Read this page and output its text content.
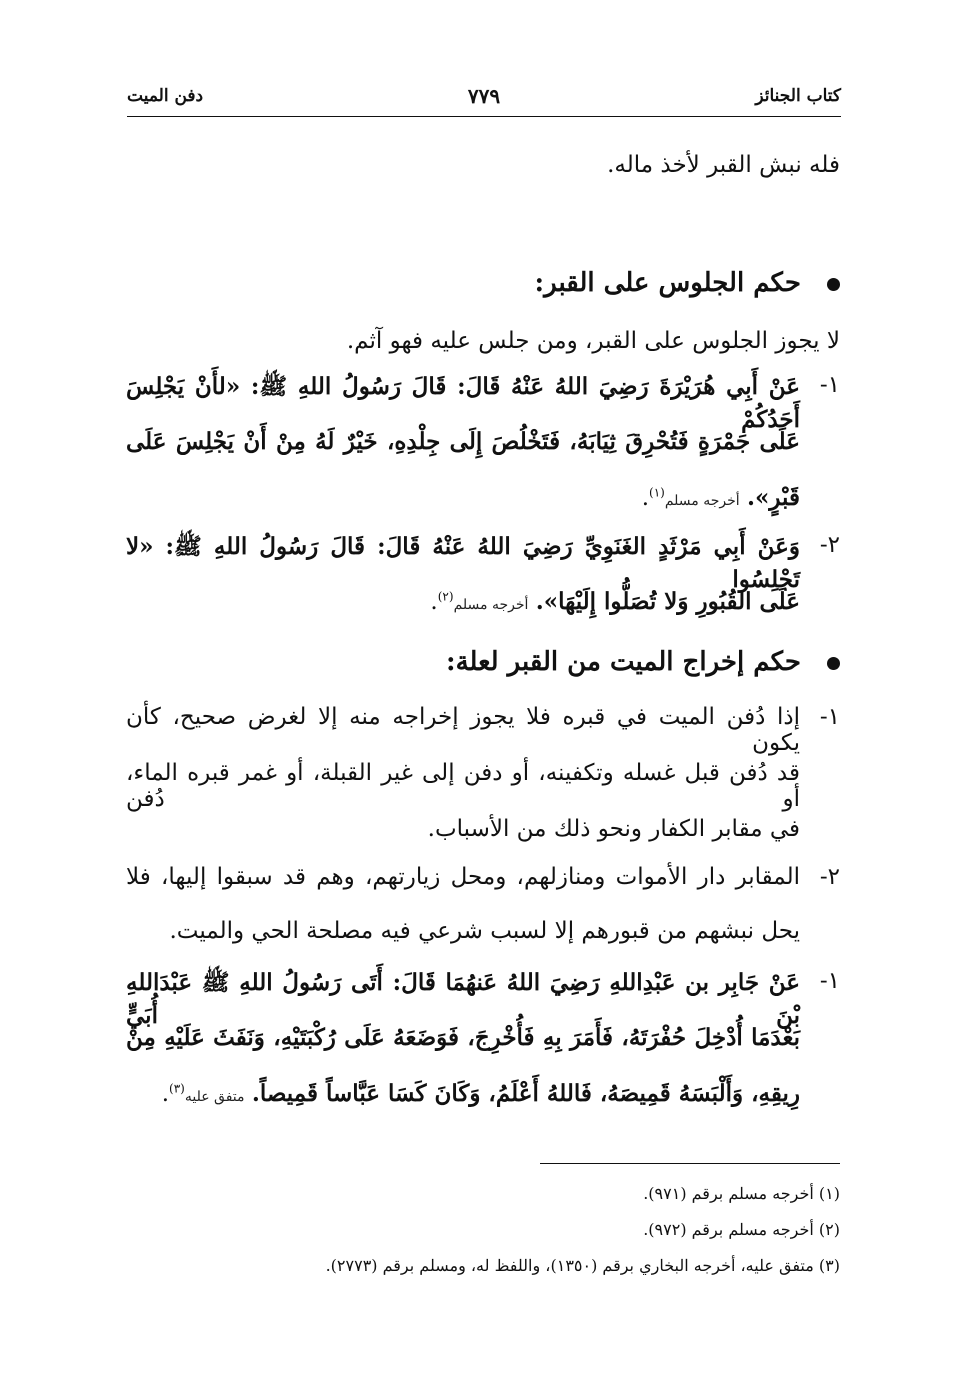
كتاب الجنائز
٧٧٩
دفن الميت
فله نبش القبر لأخذ ماله.
حكم الجلوس على القبر:
لا يجوز الجلوس على القبر، ومن جلس عليه فهو آثم.
١-
عَنْ أَبِي هُرَيْرَةَ رَضِيَ اللهُ عَنْهُ قَالَ: قَالَ رَسُولُ اللهِ ﷺ: «لأَنْ يَجْلِسَ أَحَدُكُمْ
عَلَى جَمْرَةٍ فَتُحْرِقَ ثِيَابَهُ، فَتَخْلُصَ إِلَى جِلْدِهِ، خَيْرٌ لَهُ مِنْ أَنْ يَجْلِسَ عَلَى
قَبْرٍ». أخرجه مسلم$^{(١)}$.
٢-
وَعَنْ أَبِي مَرْثَدٍ الغَنَوِيِّ رَضِيَ اللهُ عَنْهُ قَالَ: قَالَ رَسُولُ اللهِ ﷺ: «لا تَجْلِسُوا
عَلَى القُبُورِ وَلا تُصَلُّوا إِلَيْهَا». أخرجه مسلم$^{(٢)}$.
حكم إخراج الميت من القبر لعلة:
١-
إذا دُفن الميت في قبره فلا يجوز إخراجه منه إلا لغرض صحيح، كأن يكون
قد دُفن قبل غسله وتكفينه، أو دفن إلى غير القبلة، أو غمر قبره الماء، أو دُفن
في مقابر الكفار ونحو ذلك من الأسباب.
٢-
المقابر دار الأموات ومنازلهم، ومحل زيارتهم، وهم قد سبقوا إليها، فلا
يحل نبشهم من قبورهم إلا لسبب شرعي فيه مصلحة الحي والميت.
١-
عَنْ جَابِر بن عَبْدِاللهِ رَضِيَ اللهُ عَنهُمَا قَالَ: أَتَى رَسُولُ اللهِ ﷺ عَبْدَاللهِ بْنَ أُبَيٍّ
بَعْدَمَا أُدْخِلَ حُفْرَتَهُ، فَأَمَرَ بِهِ فَأُخْرِجَ، فَوَضَعَهُ عَلَى رُكْبَتَيْهِ، وَنَفَثَ عَلَيْهِ مِنْ
رِيقِهِ، وَأَلْبَسَهُ قَمِيصَهُ، فَاللهُ أَعْلَمُ، وَكَانَ كَسَا عَبَّاساً قَمِيصاً. متفق عليه$^{(٣)}$.
(١) أخرجه مسلم برقم (٩٧١).
(٢) أخرجه مسلم برقم (٩٧٢).
(٣) متفق عليه، أخرجه البخاري برقم (١٣٥٠)، واللفظ له، ومسلم برقم (٢٧٧٣).
